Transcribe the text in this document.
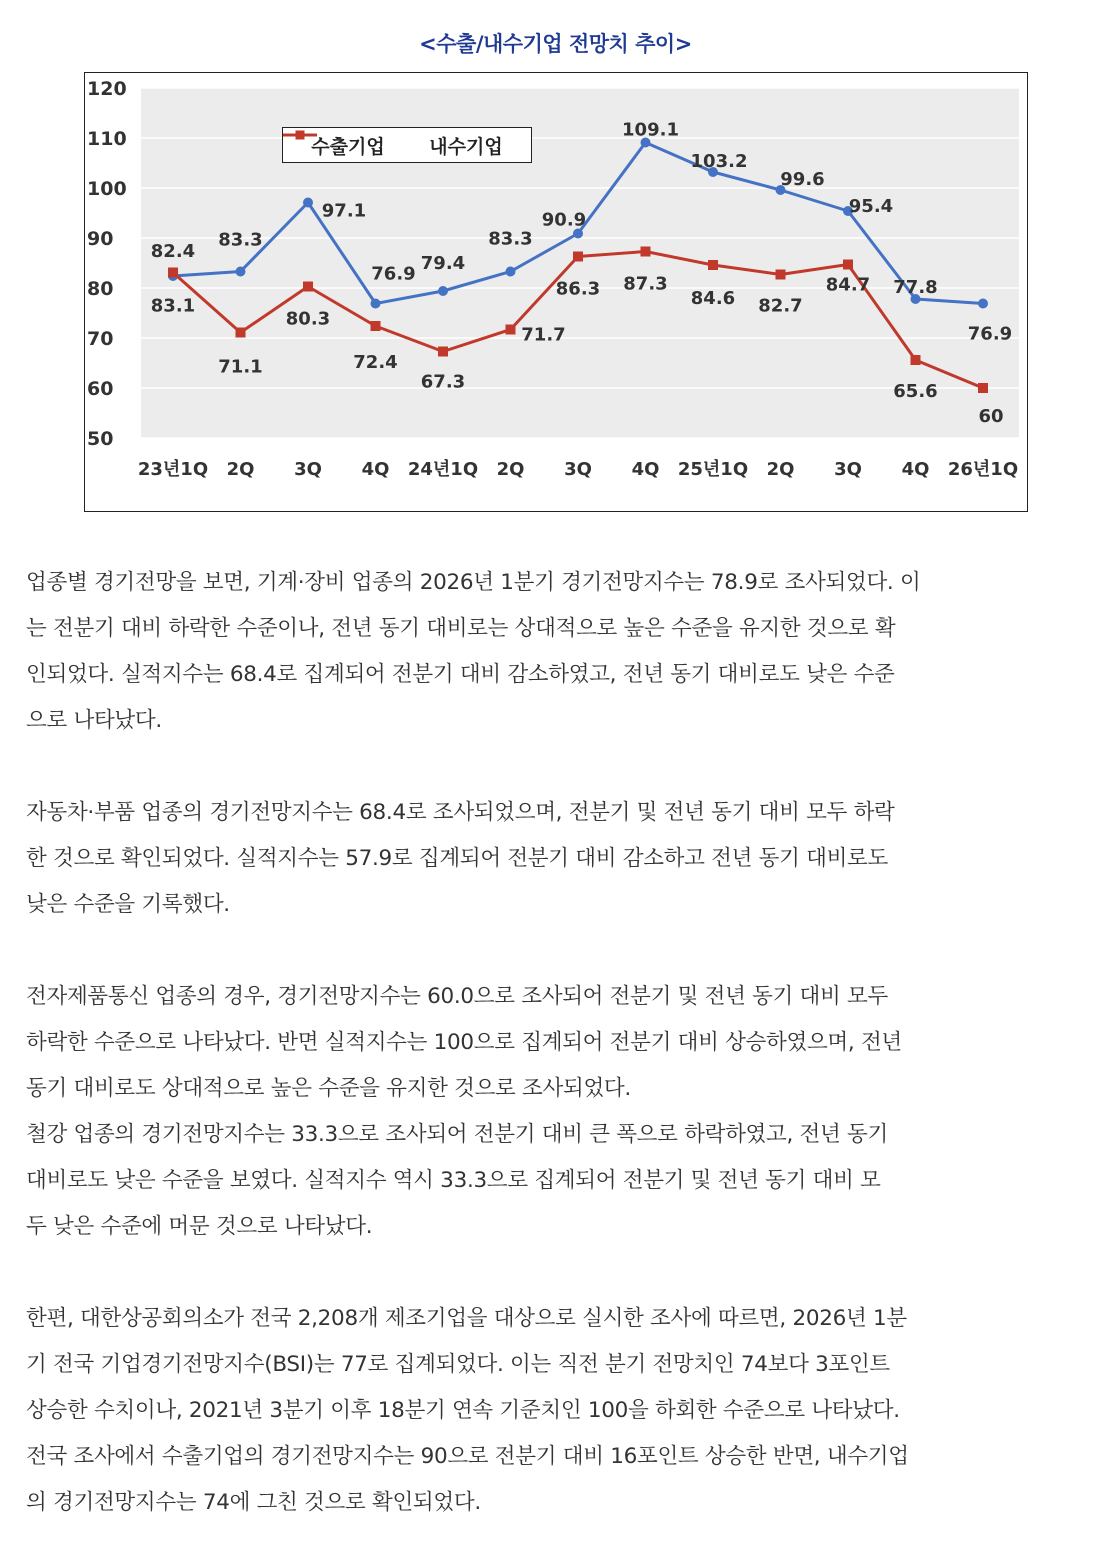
<수출/내수기업 전망치 추이>
120
110
100
90
80
70
60
50
23년1Q 2Q 3Q 4Q 24년1Q 2Q 3Q 4Q 25년1Q 2Q 3Q 4Q 26년1Q
82.4
83.3
97.1
76.9 79.4
83.3
90.9
109.1
103.2
99.6
95.4
77.8
76.9
83.1
71.1
80.3
72.4
67.3
71.7
86.3 87.3
84.6 82.7
84.7
65.6
60
수출기업 내수기업

업종별 경기전망을 보면, 기계·장비 업종의 2026년 1분기 경기전망지수는 78.9로 조사되었다. 이

는 전분기 대비 하락한 수준이나, 전년 동기 대비로는 상대적으로 높은 수준을 유지한 것으로 확

인되었다. 실적지수는 68.4로 집계되어 전분기 대비 감소하였고, 전년 동기 대비로도 낮은 수준

으로 나타났다.

자동차·부품 업종의 경기전망지수는 68.4로 조사되었으며, 전분기 및 전년 동기 대비 모두 하락

한 것으로 확인되었다. 실적지수는 57.9로 집계되어 전분기 대비 감소하고 전년 동기 대비로도

낮은 수준을 기록했다.

전자제품통신 업종의 경우, 경기전망지수는 60.0으로 조사되어 전분기 및 전년 동기 대비 모두

하락한 수준으로 나타났다. 반면 실적지수는 100으로 집계되어 전분기 대비 상승하였으며, 전년

동기 대비로도 상대적으로 높은 수준을 유지한 것으로 조사되었다.

철강 업종의 경기전망지수는 33.3으로 조사되어 전분기 대비 큰 폭으로 하락하였고, 전년 동기

대비로도 낮은 수준을 보였다. 실적지수 역시 33.3으로 집계되어 전분기 및 전년 동기 대비 모

두 낮은 수준에 머문 것으로 나타났다.

한편, 대한상공회의소가 전국 2,208개 제조기업을 대상으로 실시한 조사에 따르면, 2026년 1분

기 전국 기업경기전망지수(BSI)는 77로 집계되었다. 이는 직전 분기 전망치인 74보다 3포인트

상승한 수치이나, 2021년 3분기 이후 18분기 연속 기준치인 100을 하회한 수준으로 나타났다.

전국 조사에서 수출기업의 경기전망지수는 90으로 전분기 대비 16포인트 상승한 반면, 내수기업

의 경기전망지수는 74에 그친 것으로 확인되었다.
